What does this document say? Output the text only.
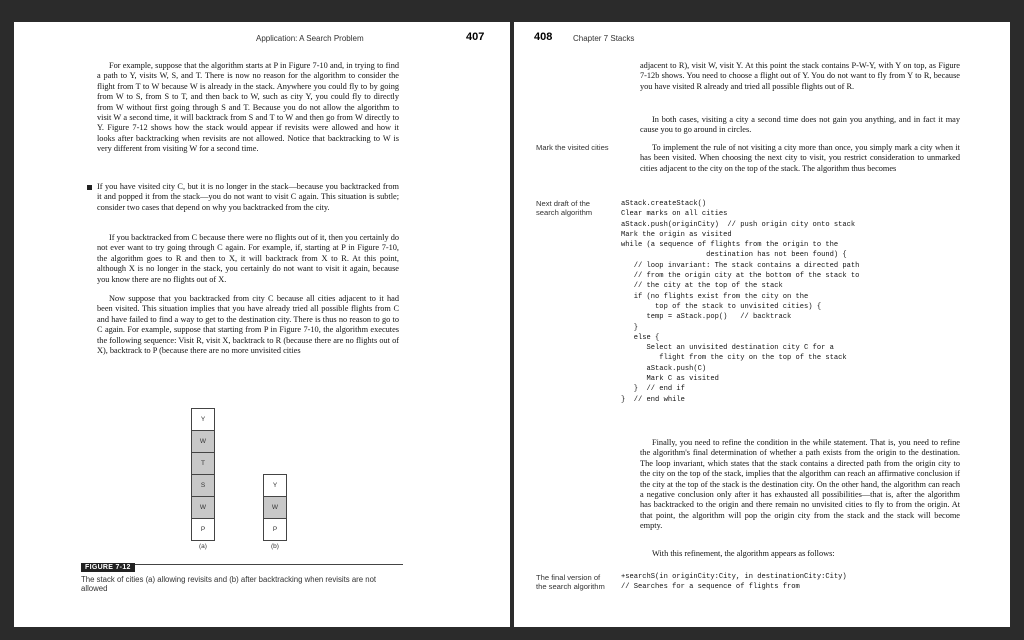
Application: A Search Problem	407

For example, suppose that the algorithm starts at P in Figure 7-10 and, in trying to find a path to Y, visits W, S, and T. There is now no reason for the algorithm to consider the flight from T to W because W is already in the stack. Anywhere you could fly to by going from W to S, from S to T, and then back to W, such as city Y, you could fly to directly from W without first going through S and T. Because you do not allow the algorithm to visit W a second time, it will backtrack from S and T to W and then go from W directly to Y. Figure 7-12 shows how the stack would appear if revisits were allowed and how it looks after backtracking when revisits are not allowed. Notice that backtracking to W is very different from visiting W for a second time.

If you have visited city C, but it is no longer in the stack—because you backtracked from it and popped it from the stack—you do not want to visit C again. This situation is subtle; consider two cases that depend on why you backtracked from the city.

If you backtracked from C because there were no flights out of it, then you certainly do not ever want to try going through C again. For example, if, starting at P in Figure 7-10, the algorithm goes to R and then to X, it will backtrack from X to R. At this point, although X is no longer in the stack, you certainly do not want to visit it again, because you know there are no flights out of X.

Now suppose that you backtracked from city C because all cities adjacent to it had been visited. This situation implies that you have already tried all possible flights from C and have failed to find a way to get to the destination city. There is thus no reason to go to C again. For example, suppose that starting from P in Figure 7-10, the algorithm executes the following sequence: Visit R, visit X, backtrack to R (because there are no flights out of X), backtrack to P (because there are no more unvisited cities

Y
W
T
S
W
P
(a)
Y
W
P
(b)
FIGURE 7-12

The stack of cities (a) allowing revisits and (b) after backtracking when revisits are not allowed

408	Chapter 7 Stacks

adjacent to R), visit W, visit Y. At this point the stack contains P-W-Y, with Y on top, as Figure 7-12b shows. You need to choose a flight out of Y. You do not want to fly from Y to R, because you have visited R already and tried all possible flights out of R.

In both cases, visiting a city a second time does not gain you anything, and in fact it may cause you to go around in circles.

Mark the visited cities	To implement the rule of not visiting a city more than once, you simply mark a city when it has been visited. When choosing the next city to visit, you restrict consideration to unmarked cities adjacent to the city on the top of the stack. The algorithm thus becomes

Next draft of the search algorithm

aStack.createStack()
Clear marks on all cities
aStack.push(originCity)  // push origin city onto stack
Mark the origin as visited
while (a sequence of flights from the origin to the
destination has not been found) {
// loop invariant: The stack contains a directed path
// from the origin city at the bottom of the stack to
// the city at the top of the stack
if (no flights exist from the city on the
top of the stack to unvisited cities) {
temp = aStack.pop()   // backtrack
}
else {
Select an unvisited destination city C for a
flight from the city on the top of the stack
aStack.push(C)
Mark C as visited
}  // end if
}  // end while

Finally, you need to refine the condition in the while statement. That is, you need to refine the algorithm's final determination of whether a path exists from the origin to the destination. The loop invariant, which states that the stack contains a directed path from the origin city to the city on the top of the stack, implies that the algorithm can reach an affirmative conclusion if the city at the top of the stack is the destination city. On the other hand, the algorithm can reach a negative conclusion only after it has exhausted all possibilities—that is, after the algorithm has backtracked to the origin and there remain no unvisited cities to fly to from the origin. At that point, the algorithm will pop the origin city from the stack and the stack will become empty.

With this refinement, the algorithm appears as follows:

The final version of the search algorithm

+searchS(in originCity:City, in destinationCity:City)
// Searches for a sequence of flights from
